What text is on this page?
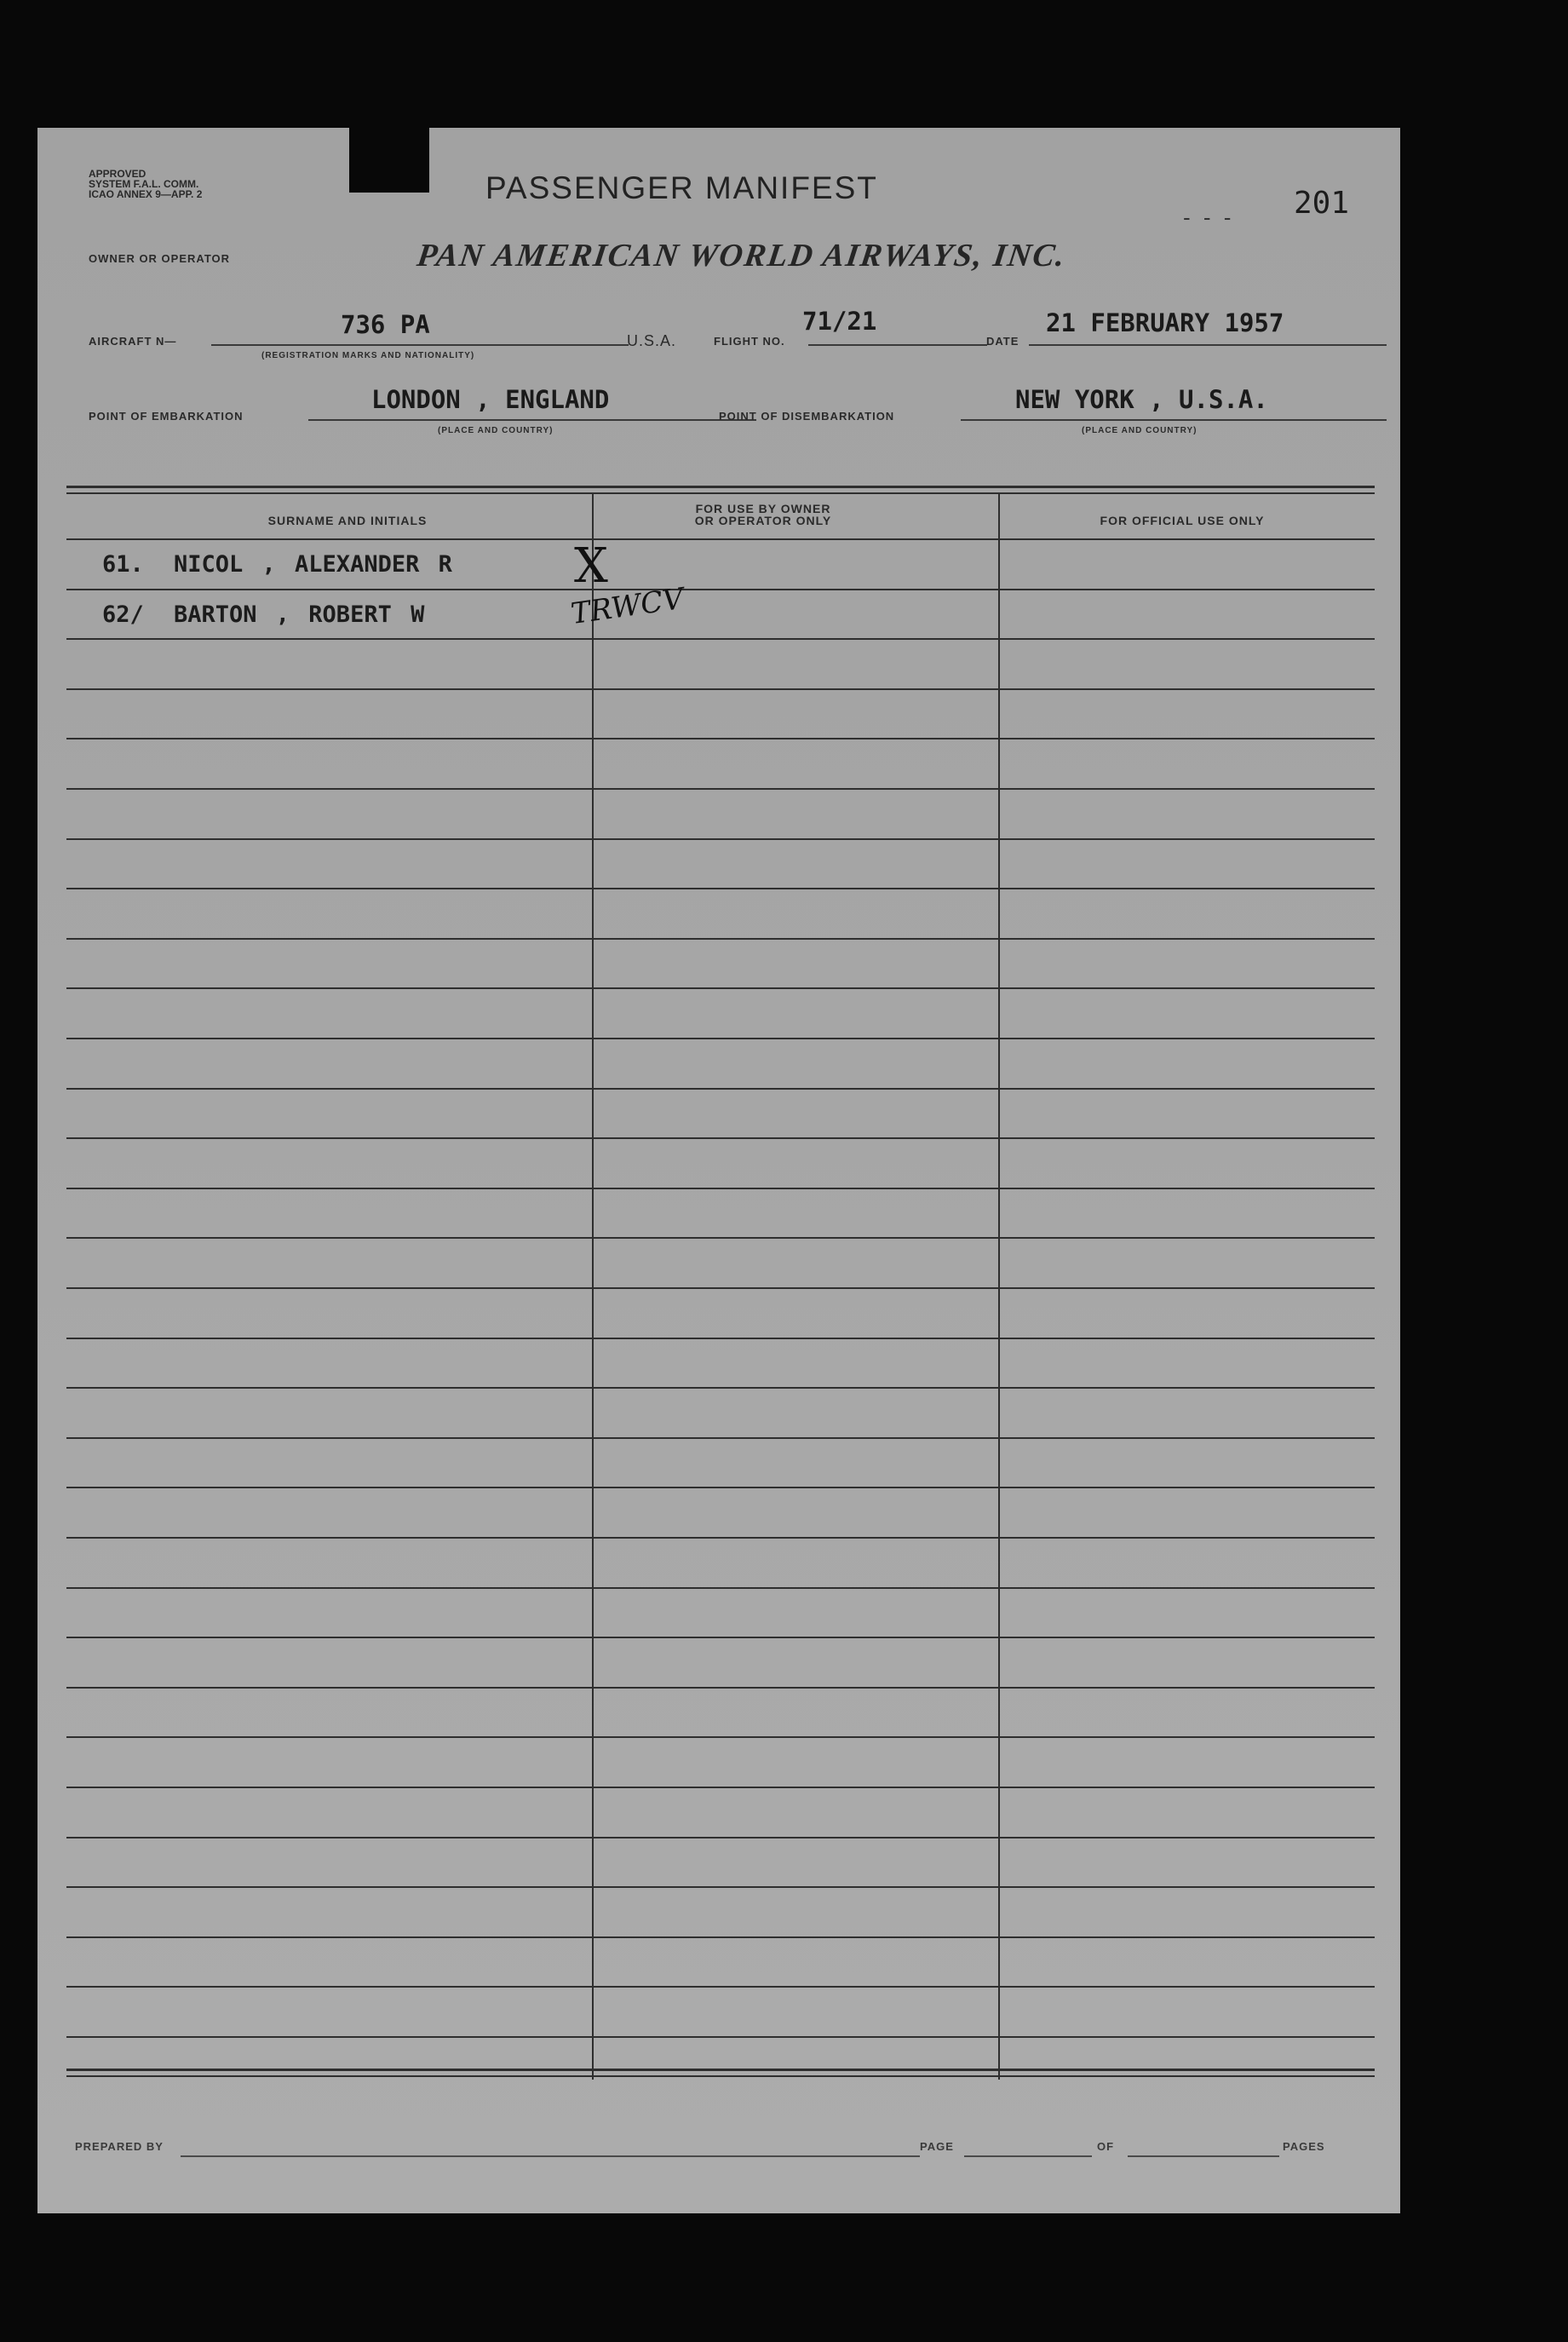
APPROVED
SYSTEM F.A.L. COMM.
ICAO ANNEX 9—APP. 2	PASSENGER MANIFEST
- - - 201
OWNER OR OPERATOR	PAN AMERICAN WORLD AIRWAYS, INC.
AIRCRAFT N—
736 PA
(REGISTRATION MARKS AND NATIONALITY)
U.S.A.	FLIGHT NO.
71/21
DATE
21 FEBRUARY 1957
POINT OF EMBARKATION
LONDON , ENGLAND
(PLACE AND COUNTRY)
POINT OF DISEMBARKATION
NEW YORK , U.S.A.
(PLACE AND COUNTRY)
SURNAME AND INITIALS
FOR USE BY OWNER
OR OPERATOR ONLY	FOR OFFICIAL USE ONLY
61. NICOL , ALEXANDER R	X
62/ BARTON , ROBERT W	TRWCV
PREPARED BY	PAGE	OF	PAGES
